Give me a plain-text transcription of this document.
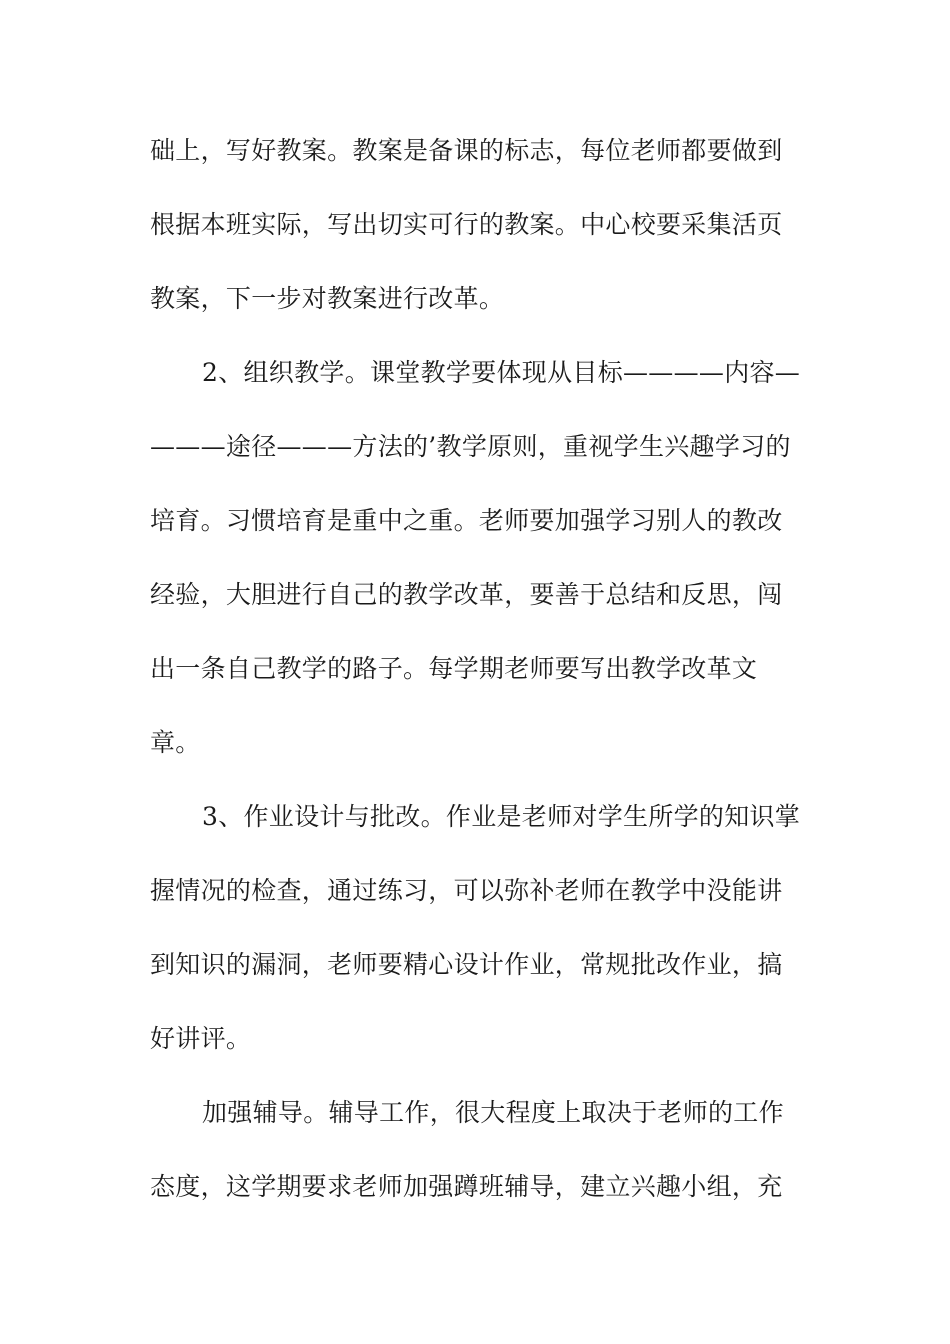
础上，写好教案。教案是备课的标志，每位老师都要做到

根据本班实际，写出切实可行的教案。中心校要采集活页

教案，下一步对教案进行改革。

2、组织教学。课堂教学要体现从目标————内容—

———途径———方法的’教学原则，重视学生兴趣学习的

培育。习惯培育是重中之重。老师要加强学习别人的教改

经验，大胆进行自己的教学改革，要善于总结和反思，闯

出一条自己教学的路子。每学期老师要写出教学改革文

章。

3、作业设计与批改。作业是老师对学生所学的知识掌

握情况的检查，通过练习，可以弥补老师在教学中没能讲

到知识的漏洞，老师要精心设计作业，常规批改作业，搞

好讲评。

加强辅导。辅导工作，很大程度上取决于老师的工作

态度，这学期要求老师加强蹲班辅导，建立兴趣小组，充
